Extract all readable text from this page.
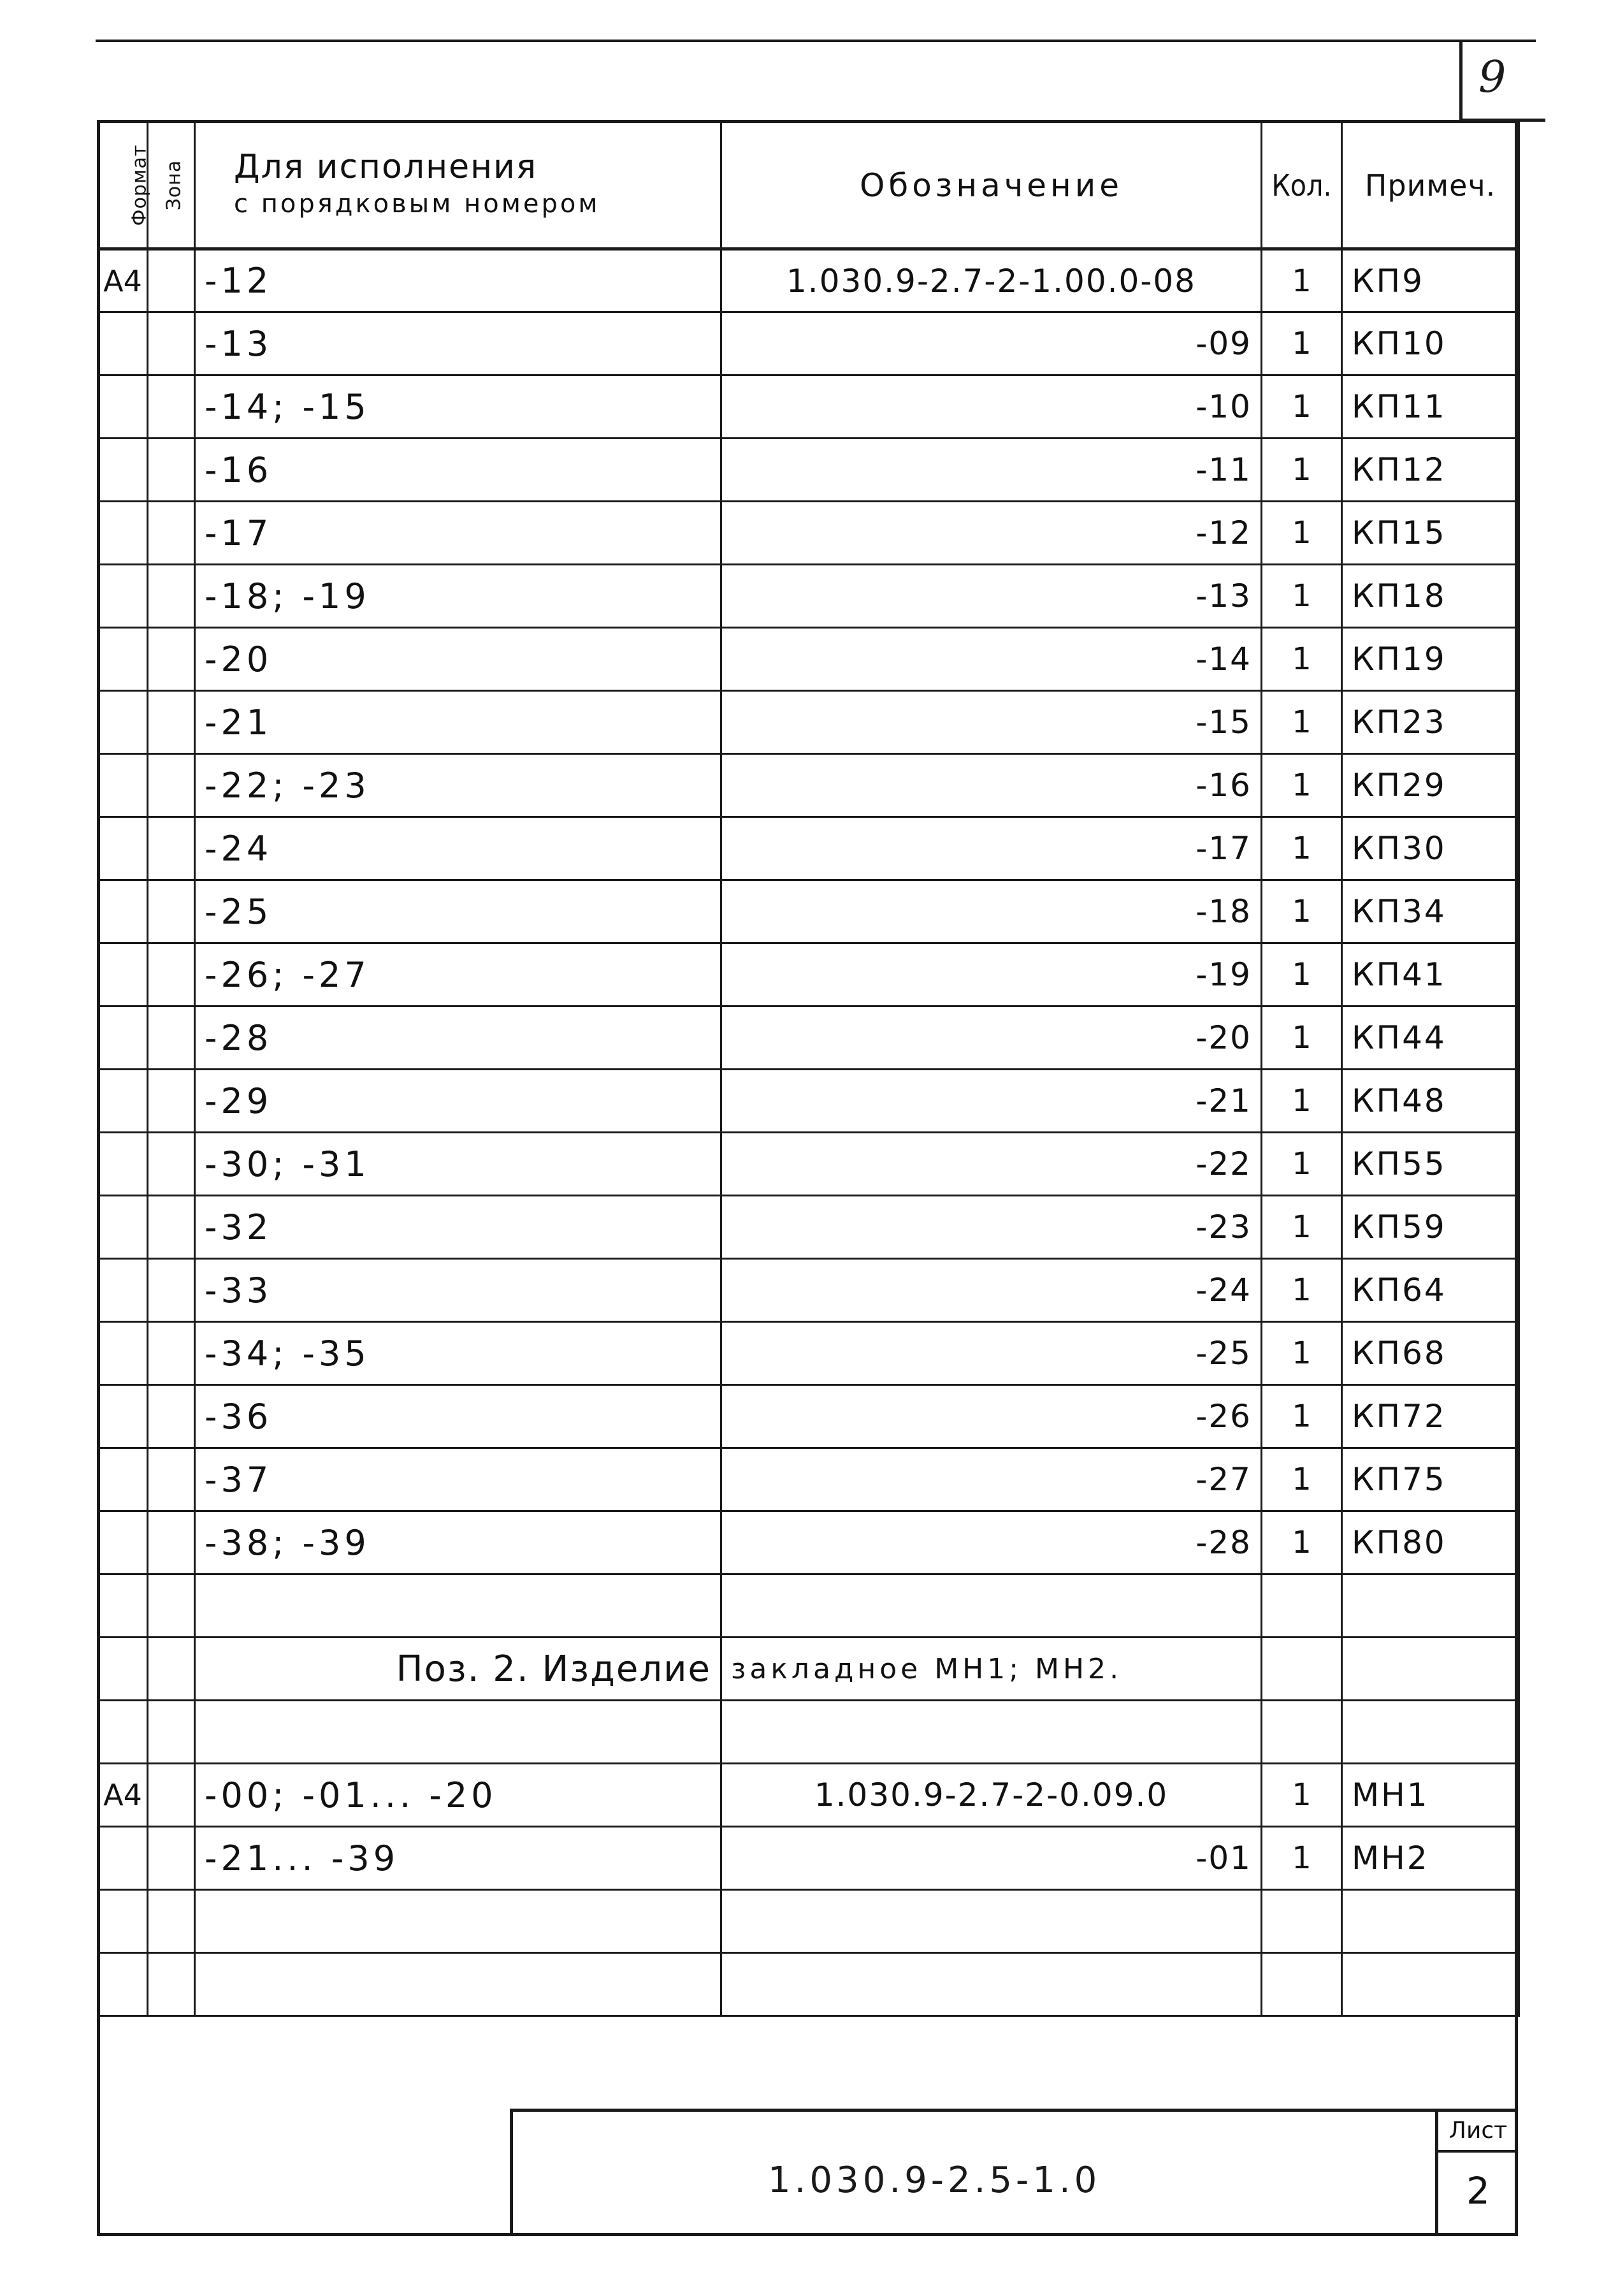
9
Формат	Зона	Для исполнения
с порядковым номером	Обозначение	Кол.	Примеч.
А4		-12	1.030.9-2.7-2-1.00.0-08	1	КП9
		-13	-09	1	КП10
		-14; -15	-10	1	КП11
		-16	-11	1	КП12
		-17	-12	1	КП15
		-18; -19	-13	1	КП18
		-20	-14	1	КП19
		-21	-15	1	КП23
		-22; -23	-16	1	КП29
		-24	-17	1	КП30
		-25	-18	1	КП34
		-26; -27	-19	1	КП41
		-28	-20	1	КП44
		-29	-21	1	КП48
		-30; -31	-22	1	КП55
		-32	-23	1	КП59
		-33	-24	1	КП64
		-34; -35	-25	1	КП68
		-36	-26	1	КП72
		-37	-27	1	КП75
		-38; -39	-28	1	КП80

		Поз. 2. Изделие	закладное МН1; МН2.		

А4		-00; -01... -20	1.030.9-2.7-2-0.09.0	1	МН1
		-21... -39	-01	1	МН2

1.030.9-2.5-1.0
Лист
2
